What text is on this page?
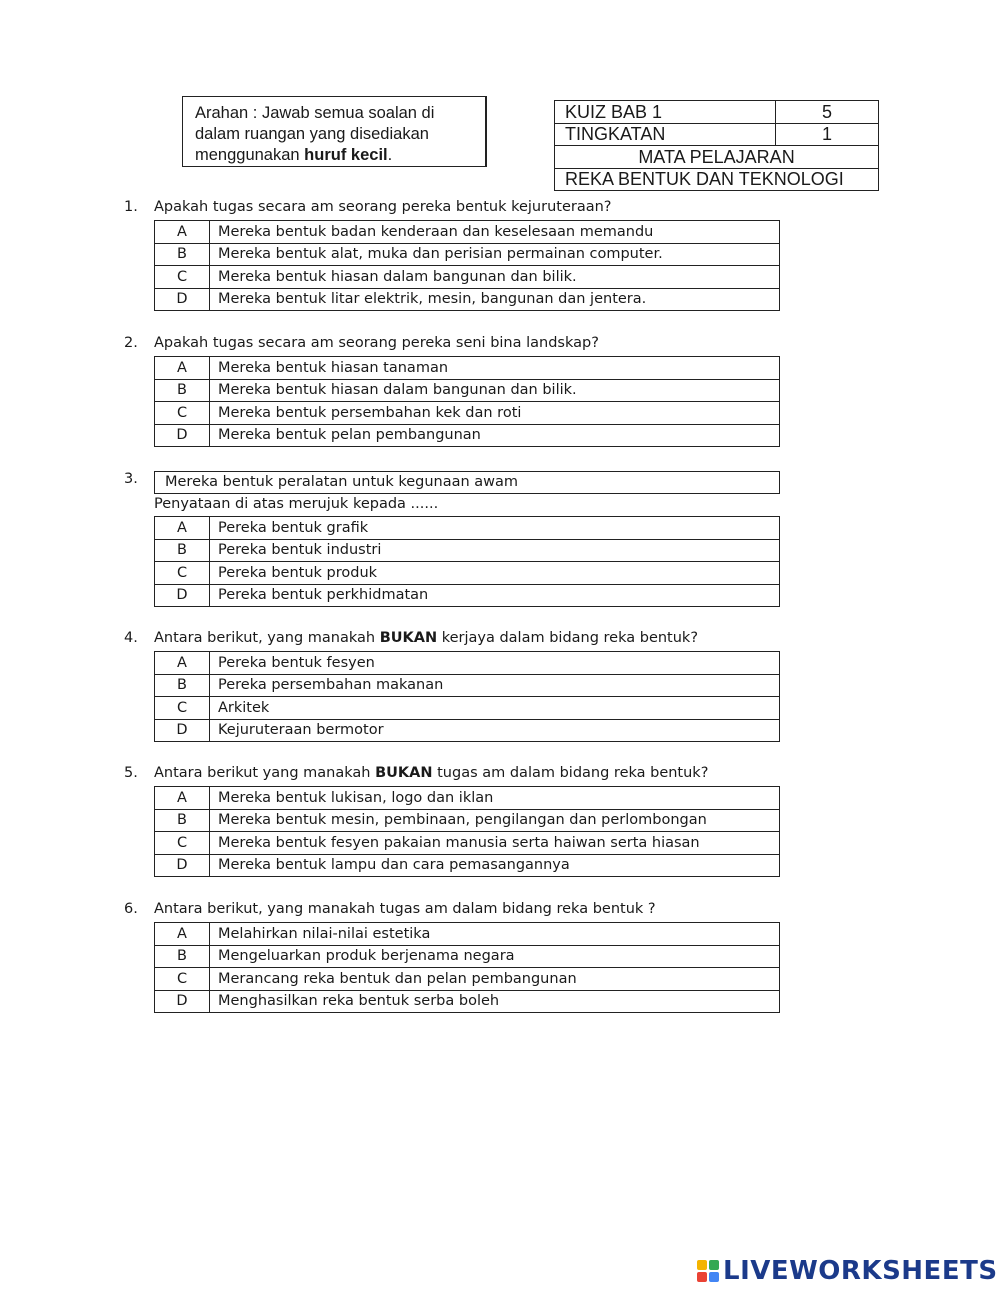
Arahan : Jawab semua soalan di
dalam ruangan yang disediakan
menggunakan huruf kecil.
KUIZ BAB 1	5
TINGKATAN	1
MATA PELAJARAN	
REKA BENTUK DAN TEKNOLOGI	
1. Apakah tugas secara am seorang pereka bentuk kejuruteraan?
A	Mereka bentuk badan kenderaan dan keselesaan memandu
B	Mereka bentuk alat, muka dan perisian permainan computer.
C	Mereka bentuk hiasan dalam bangunan dan bilik.
D	Mereka bentuk litar elektrik, mesin, bangunan dan jentera.
2. Apakah tugas secara am seorang pereka seni bina landskap?
A	Mereka bentuk hiasan tanaman
B	Mereka bentuk hiasan dalam bangunan dan bilik.
C	Mereka bentuk persembahan kek dan roti
D	Mereka bentuk pelan pembangunan
3.	Mereka bentuk peralatan untuk kegunaan awam
Penyataan di atas merujuk kepada ......
A	Pereka bentuk grafik
B	Pereka bentuk industri
C	Pereka bentuk produk
D	Pereka bentuk perkhidmatan
4. Antara berikut, yang manakah BUKAN kerjaya dalam bidang reka bentuk?
A	Pereka bentuk fesyen
B	Pereka persembahan makanan
C	Arkitek
D	Kejuruteraan bermotor
5. Antara berikut yang manakah BUKAN tugas am dalam bidang reka bentuk?
A	Mereka bentuk lukisan, logo dan iklan
B	Mereka bentuk mesin, pembinaan, pengilangan dan perlombongan
C	Mereka bentuk fesyen pakaian manusia serta haiwan serta hiasan
D	Mereka bentuk lampu dan cara pemasangannya
6. Antara berikut, yang manakah tugas am dalam bidang reka bentuk ?
A	Melahirkan nilai-nilai estetika
B	Mengeluarkan produk berjenama negara
C	Merancang reka bentuk dan pelan pembangunan
D	Menghasilkan reka bentuk serba boleh
LIVEWORKSHEETS
